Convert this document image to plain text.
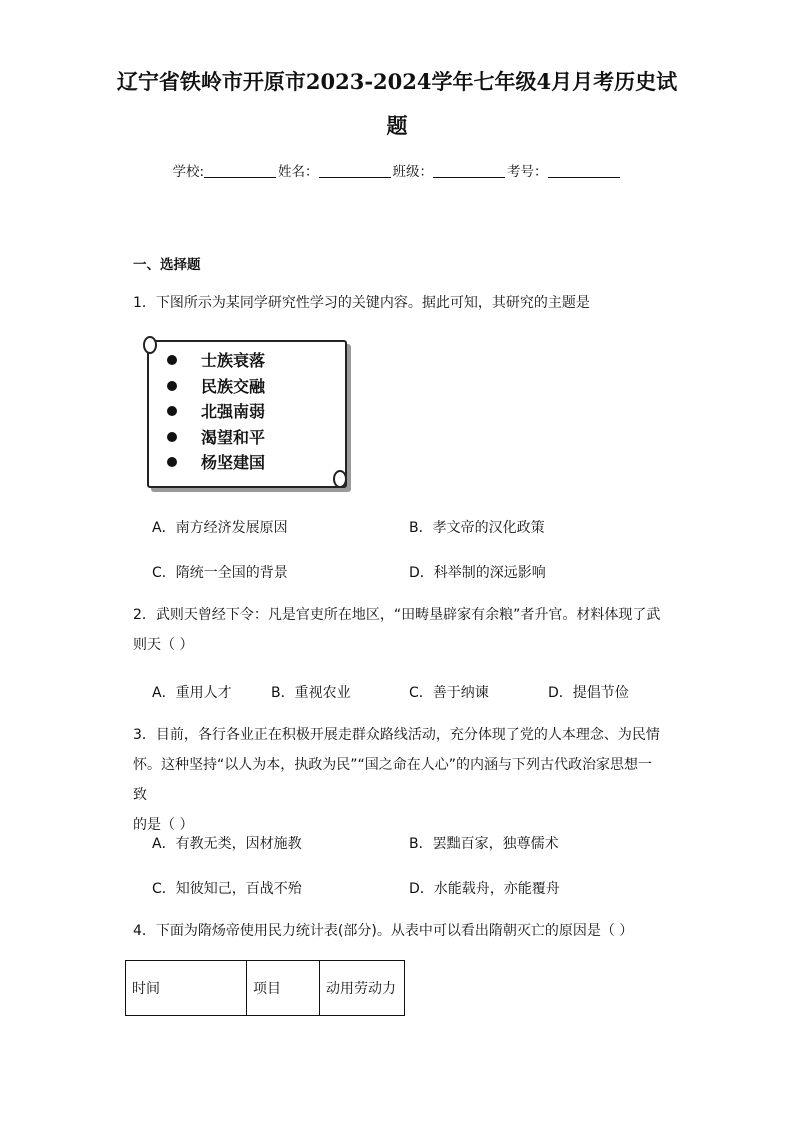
辽宁省铁岭市开原市2023-2024学年七年级4月月考历史试
题
学校:	姓名：	班级：	考号：
一、选择题
1．下图所示为某同学研究性学习的关键内容。据此可知，其研究的主题是
士族衰落
民族交融
北强南弱
渴望和平
杨坚建国
A．南方经济发展原因	B．孝文帝的汉化政策
C．隋统一全国的背景	D．科举制的深远影响
2．武则天曾经下令：凡是官吏所在地区，“田畴垦辟家有余粮”者升官。材料体现了武
则天（ ）
A．重用人才	B．重视农业	C．善于纳谏	D．提倡节俭
3．目前，各行各业正在积极开展走群众路线活动，充分体现了党的人本理念、为民情
怀。这种坚持“以人为本，执政为民”“国之命在人心”的内涵与下列古代政治家思想一致
的是（ ）
A．有教无类，因材施教	B．罢黜百家，独尊儒术
C．知彼知己，百战不殆	D．水能载舟，亦能覆舟
4．下面为隋炀帝使用民力统计表(部分)。从表中可以看出隋朝灭亡的原因是（ ）
时间	项目	动用劳动力
